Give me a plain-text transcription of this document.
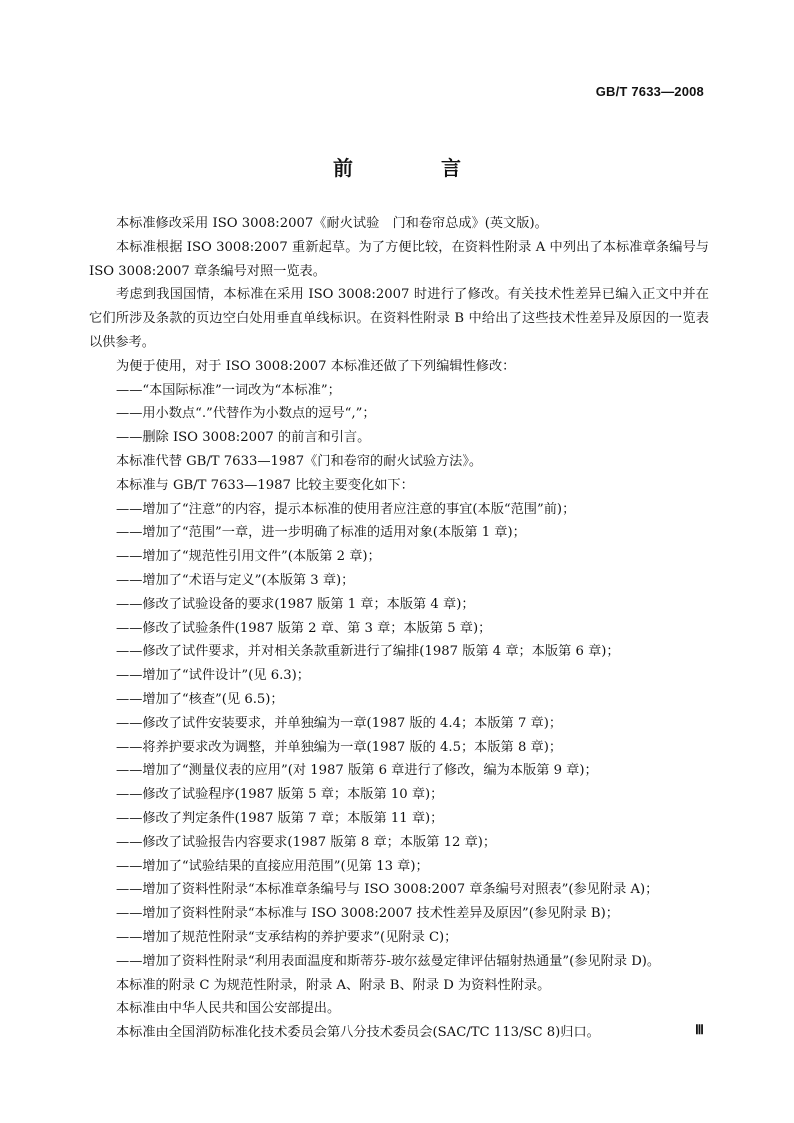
GB/T 7633—2008
前　言

本标准修改采用 ISO 3008:2007《耐火试验　门和卷帘总成》(英文版)。

本标准根据 ISO 3008:2007 重新起草。为了方便比较，在资料性附录 A 中列出了本标准章条编号与 ISO 3008:2007 章条编号对照一览表。

考虑到我国国情，本标准在采用 ISO 3008:2007 时进行了修改。有关技术性差异已编入正文中并在它们所涉及条款的页边空白处用垂直单线标识。在资料性附录 B 中给出了这些技术性差异及原因的一览表以供参考。

为便于使用，对于 ISO 3008:2007 本标准还做了下列编辑性修改：

——“本国际标准”一词改为“本标准”；

——用小数点“.”代替作为小数点的逗号“,”；

——删除 ISO 3008:2007 的前言和引言。

本标准代替 GB/T 7633—1987《门和卷帘的耐火试验方法》。

本标准与 GB/T 7633—1987 比较主要变化如下：

——增加了“注意”的内容，提示本标准的使用者应注意的事宜(本版“范围”前)；

——增加了“范围”一章，进一步明确了标准的适用对象(本版第 1 章)；

——增加了“规范性引用文件”(本版第 2 章)；

——增加了“术语与定义”(本版第 3 章)；

——修改了试验设备的要求(1987 版第 1 章；本版第 4 章)；

——修改了试验条件(1987 版第 2 章、第 3 章；本版第 5 章)；

——修改了试件要求，并对相关条款重新进行了编排(1987 版第 4 章；本版第 6 章)；

——增加了“试件设计”(见 6.3)；

——增加了“核查”(见 6.5)；

——修改了试件安装要求，并单独编为一章(1987 版的 4.4；本版第 7 章)；

——将养护要求改为调整，并单独编为一章(1987 版的 4.5；本版第 8 章)；

——增加了“测量仪表的应用”(对 1987 版第 6 章进行了修改，编为本版第 9 章)；

——修改了试验程序(1987 版第 5 章；本版第 10 章)；

——修改了判定条件(1987 版第 7 章；本版第 11 章)；

——修改了试验报告内容要求(1987 版第 8 章；本版第 12 章)；

——增加了“试验结果的直接应用范围”(见第 13 章)；

——增加了资料性附录“本标准章条编号与 ISO 3008:2007 章条编号对照表”(参见附录 A)；

——增加了资料性附录“本标准与 ISO 3008:2007 技术性差异及原因”(参见附录 B)；

——增加了规范性附录“支承结构的养护要求”(见附录 C)；

——增加了资料性附录“利用表面温度和斯蒂芬-玻尔兹曼定律评估辐射热通量”(参见附录 D)。

本标准的附录 C 为规范性附录，附录 A、附录 B、附录 D 为资料性附录。

本标准由中华人民共和国公安部提出。

本标准由全国消防标准化技术委员会第八分技术委员会(SAC/TC 113/SC 8)归口。	Ⅲ
